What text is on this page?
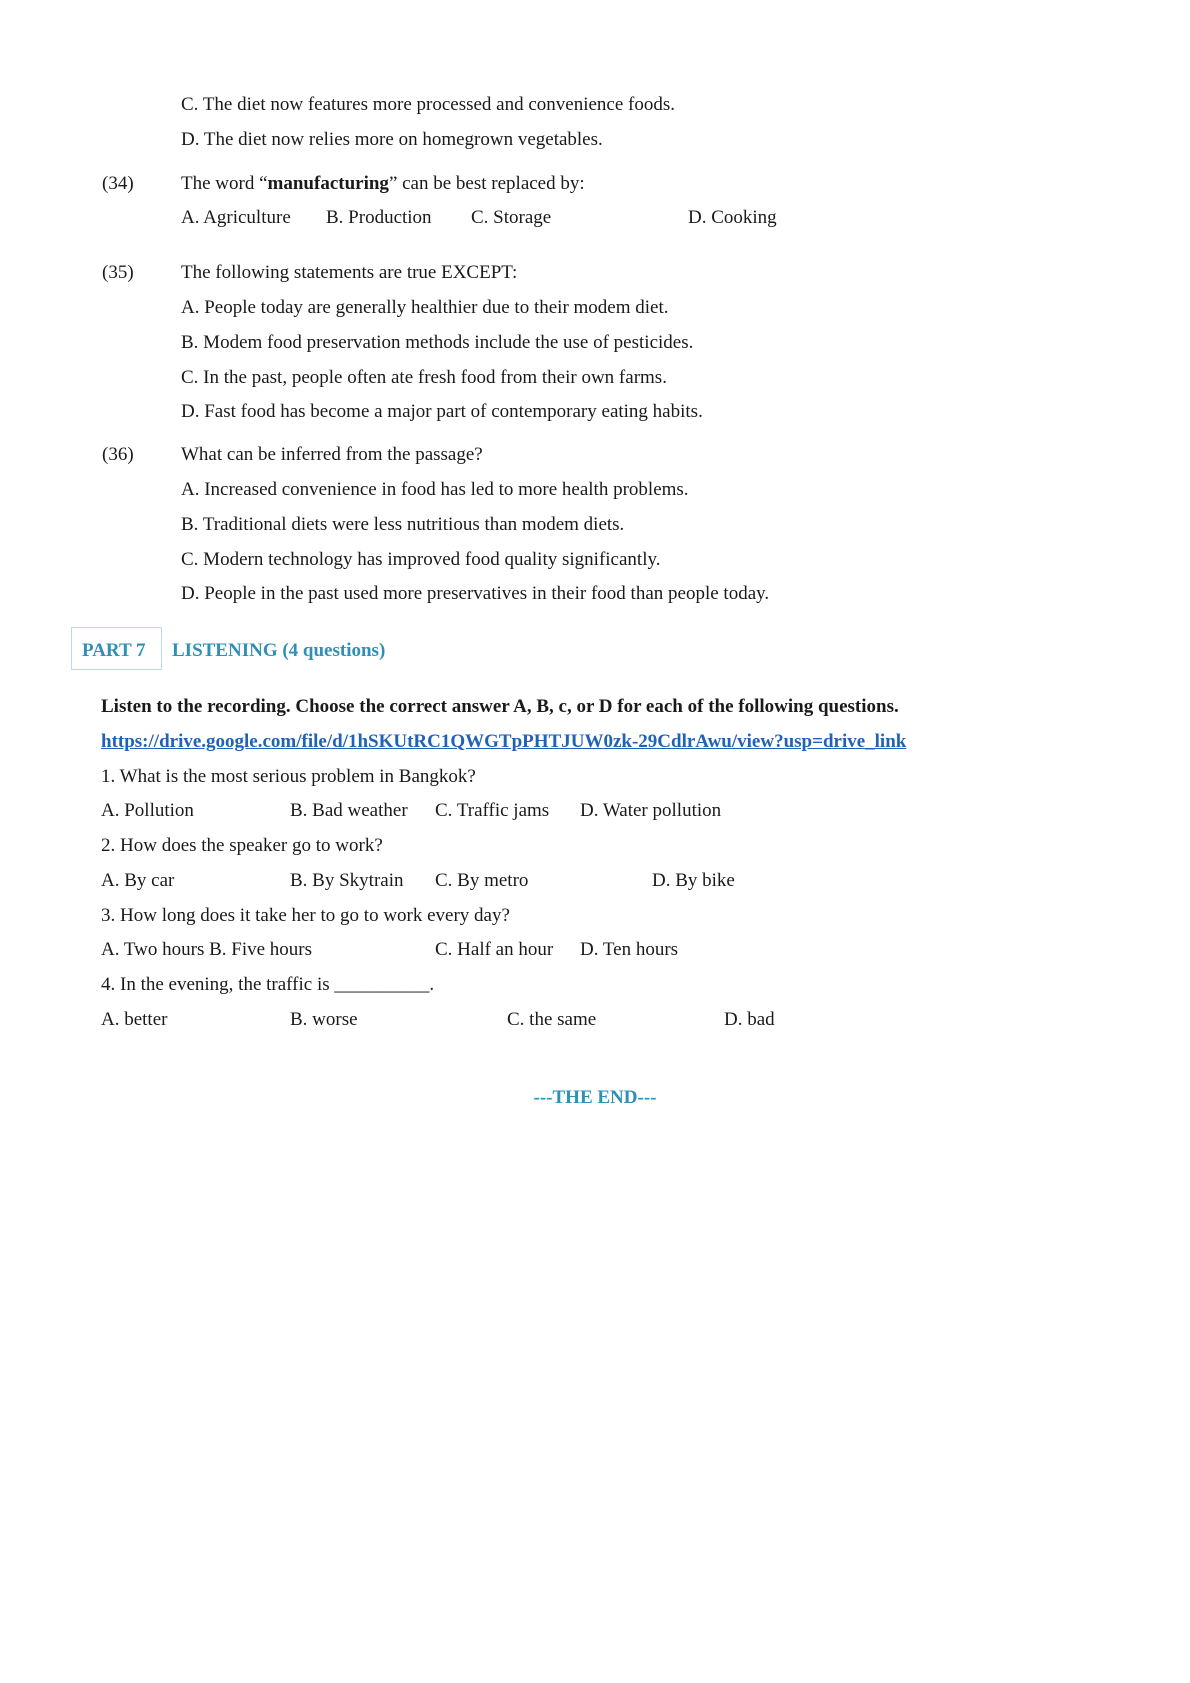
C. The diet now features more processed and convenience foods.
D. The diet now relies more on homegrown vegetables.
(34) The word “manufacturing” can be best replaced by:
A. Agriculture B. Production C. Storage	D. Cooking
(35) The following statements are true EXCEPT:
A. People today are generally healthier due to their modem diet.
B. Modem food preservation methods include the use of pesticides.
C. In the past, people often ate fresh food from their own farms.
D. Fast food has become a major part of contemporary eating habits.
(36) What can be inferred from the passage?
A. Increased convenience in food has led to more health problems.
B. Traditional diets were less nutritious than modem diets.
C. Modern technology has improved food quality significantly.
D. People in the past used more preservatives in their food than people today.
PART 7 LISTENING (4 questions)
Listen to the recording. Choose the correct answer A, B, c, or D for each of the following questions.
https://drive.google.com/file/d/1hSKUtRC1QWGTpPHTJUW0zk-29CdlrAwu/view?usp=drive_link
1. What is the most serious problem in Bangkok?
A. Pollution	B. Bad weather C. Traffic jams D. Water pollution
2. How does the speaker go to work?
A. By car	B. By Skytrain C. By metro	D. By bike
3. How long does it take her to go to work every day?
A. Two hours B. Five hours	C. Half an hour D. Ten hours
4. In the evening, the traffic is __________.
A. better	B. worse	C. the same	D. bad
---THE END---
